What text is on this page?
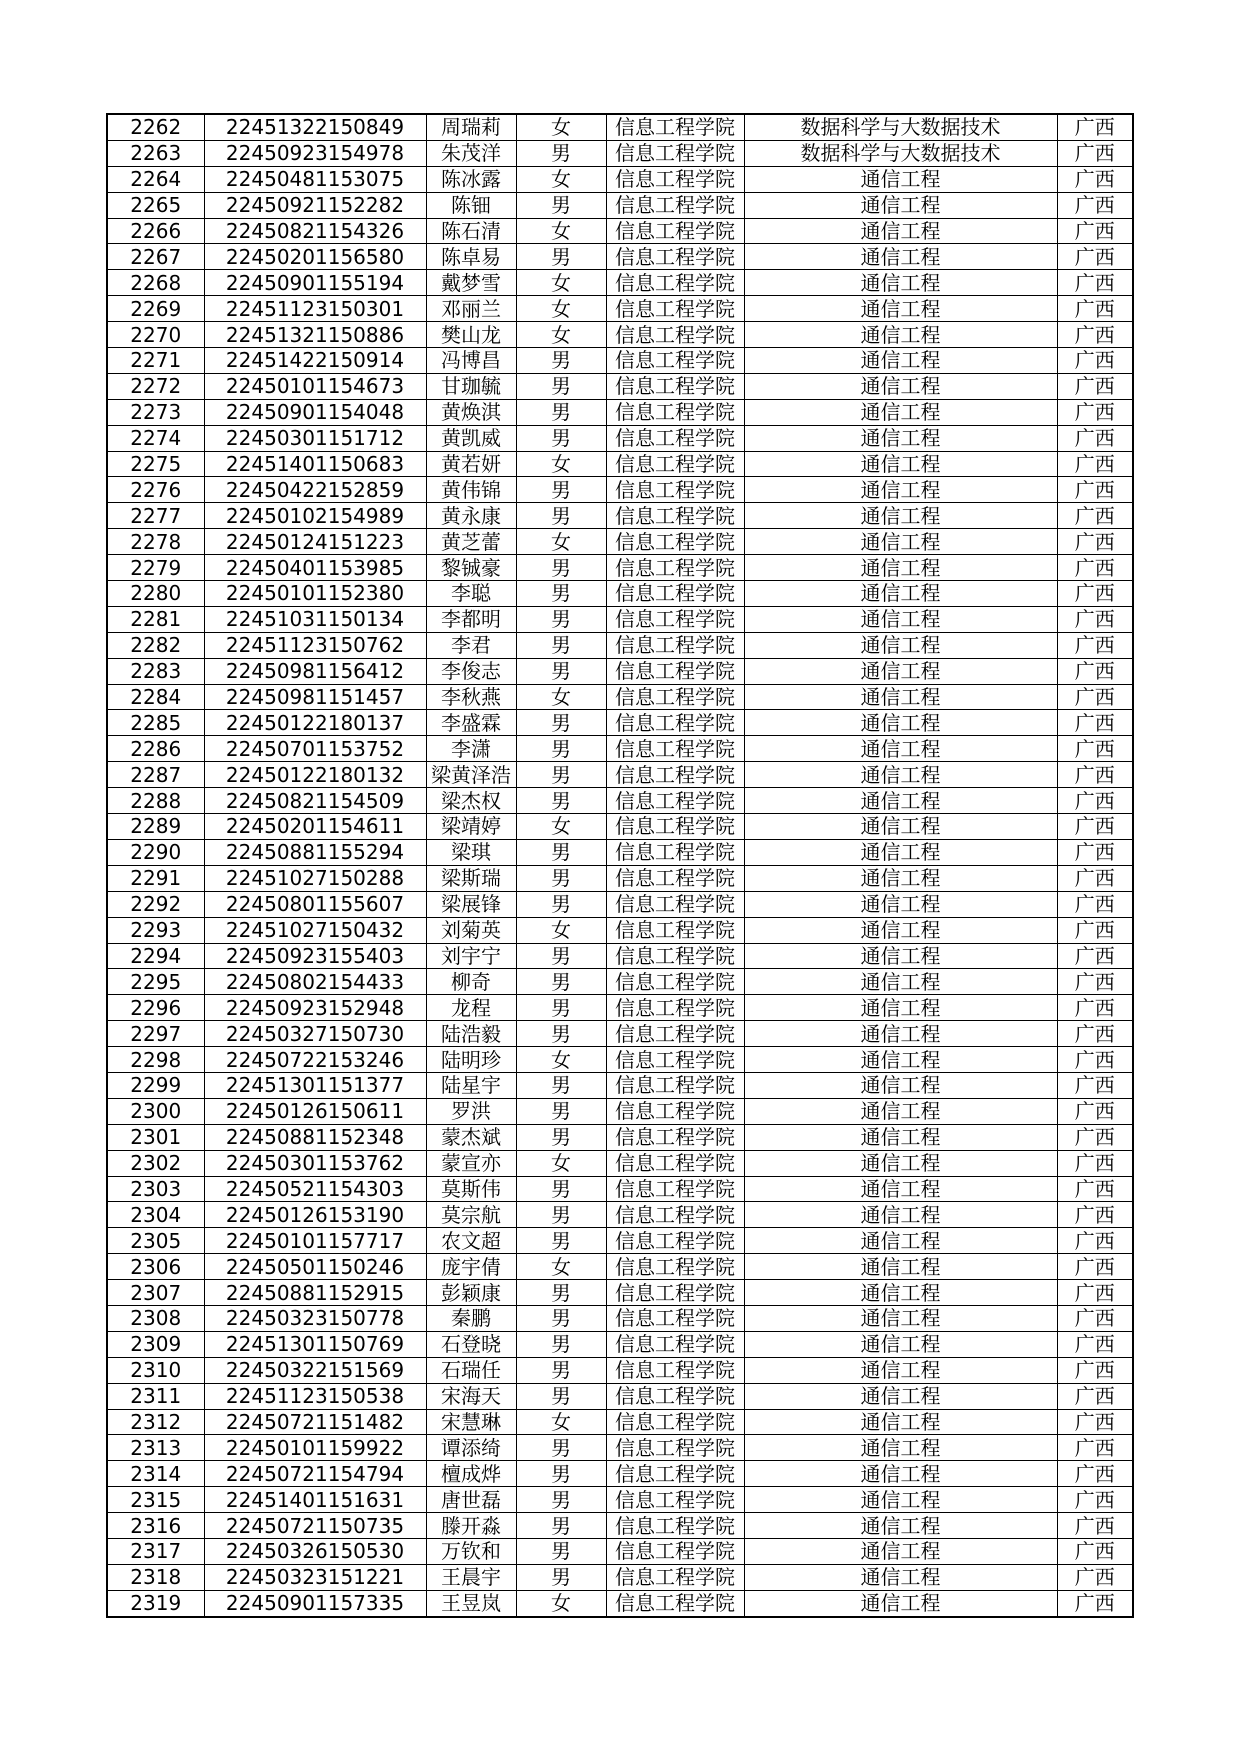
2262	22451322150849	周瑞莉	女	信息工程学院	数据科学与大数据技术	广西
2263	22450923154978	朱茂洋	男	信息工程学院	数据科学与大数据技术	广西
2264	22450481153075	陈冰露	女	信息工程学院	通信工程	广西
2265	22450921152282	陈钿	男	信息工程学院	通信工程	广西
2266	22450821154326	陈石清	女	信息工程学院	通信工程	广西
2267	22450201156580	陈卓易	男	信息工程学院	通信工程	广西
2268	22450901155194	戴梦雪	女	信息工程学院	通信工程	广西
2269	22451123150301	邓丽兰	女	信息工程学院	通信工程	广西
2270	22451321150886	樊山龙	女	信息工程学院	通信工程	广西
2271	22451422150914	冯博昌	男	信息工程学院	通信工程	广西
2272	22450101154673	甘珈毓	男	信息工程学院	通信工程	广西
2273	22450901154048	黄焕淇	男	信息工程学院	通信工程	广西
2274	22450301151712	黄凯威	男	信息工程学院	通信工程	广西
2275	22451401150683	黄若妍	女	信息工程学院	通信工程	广西
2276	22450422152859	黄伟锦	男	信息工程学院	通信工程	广西
2277	22450102154989	黄永康	男	信息工程学院	通信工程	广西
2278	22450124151223	黄芝蕾	女	信息工程学院	通信工程	广西
2279	22450401153985	黎铖豪	男	信息工程学院	通信工程	广西
2280	22450101152380	李聪	男	信息工程学院	通信工程	广西
2281	22451031150134	李都明	男	信息工程学院	通信工程	广西
2282	22451123150762	李君	男	信息工程学院	通信工程	广西
2283	22450981156412	李俊志	男	信息工程学院	通信工程	广西
2284	22450981151457	李秋燕	女	信息工程学院	通信工程	广西
2285	22450122180137	李盛霖	男	信息工程学院	通信工程	广西
2286	22450701153752	李潇	男	信息工程学院	通信工程	广西
2287	22450122180132	梁黄泽浩	男	信息工程学院	通信工程	广西
2288	22450821154509	梁杰权	男	信息工程学院	通信工程	广西
2289	22450201154611	梁靖婷	女	信息工程学院	通信工程	广西
2290	22450881155294	梁琪	男	信息工程学院	通信工程	广西
2291	22451027150288	梁斯瑞	男	信息工程学院	通信工程	广西
2292	22450801155607	梁展锋	男	信息工程学院	通信工程	广西
2293	22451027150432	刘菊英	女	信息工程学院	通信工程	广西
2294	22450923155403	刘宇宁	男	信息工程学院	通信工程	广西
2295	22450802154433	柳奇	男	信息工程学院	通信工程	广西
2296	22450923152948	龙程	男	信息工程学院	通信工程	广西
2297	22450327150730	陆浩毅	男	信息工程学院	通信工程	广西
2298	22450722153246	陆明珍	女	信息工程学院	通信工程	广西
2299	22451301151377	陆星宇	男	信息工程学院	通信工程	广西
2300	22450126150611	罗洪	男	信息工程学院	通信工程	广西
2301	22450881152348	蒙杰斌	男	信息工程学院	通信工程	广西
2302	22450301153762	蒙宣亦	女	信息工程学院	通信工程	广西
2303	22450521154303	莫斯伟	男	信息工程学院	通信工程	广西
2304	22450126153190	莫宗航	男	信息工程学院	通信工程	广西
2305	22450101157717	农文超	男	信息工程学院	通信工程	广西
2306	22450501150246	庞宇倩	女	信息工程学院	通信工程	广西
2307	22450881152915	彭颖康	男	信息工程学院	通信工程	广西
2308	22450323150778	秦鹏	男	信息工程学院	通信工程	广西
2309	22451301150769	石登晓	男	信息工程学院	通信工程	广西
2310	22450322151569	石瑞任	男	信息工程学院	通信工程	广西
2311	22451123150538	宋海天	男	信息工程学院	通信工程	广西
2312	22450721151482	宋慧琳	女	信息工程学院	通信工程	广西
2313	22450101159922	谭添绮	男	信息工程学院	通信工程	广西
2314	22450721154794	檀成烨	男	信息工程学院	通信工程	广西
2315	22451401151631	唐世磊	男	信息工程学院	通信工程	广西
2316	22450721150735	滕开淼	男	信息工程学院	通信工程	广西
2317	22450326150530	万钦和	男	信息工程学院	通信工程	广西
2318	22450323151221	王晨宇	男	信息工程学院	通信工程	广西
2319	22450901157335	王昱岚	女	信息工程学院	通信工程	广西
